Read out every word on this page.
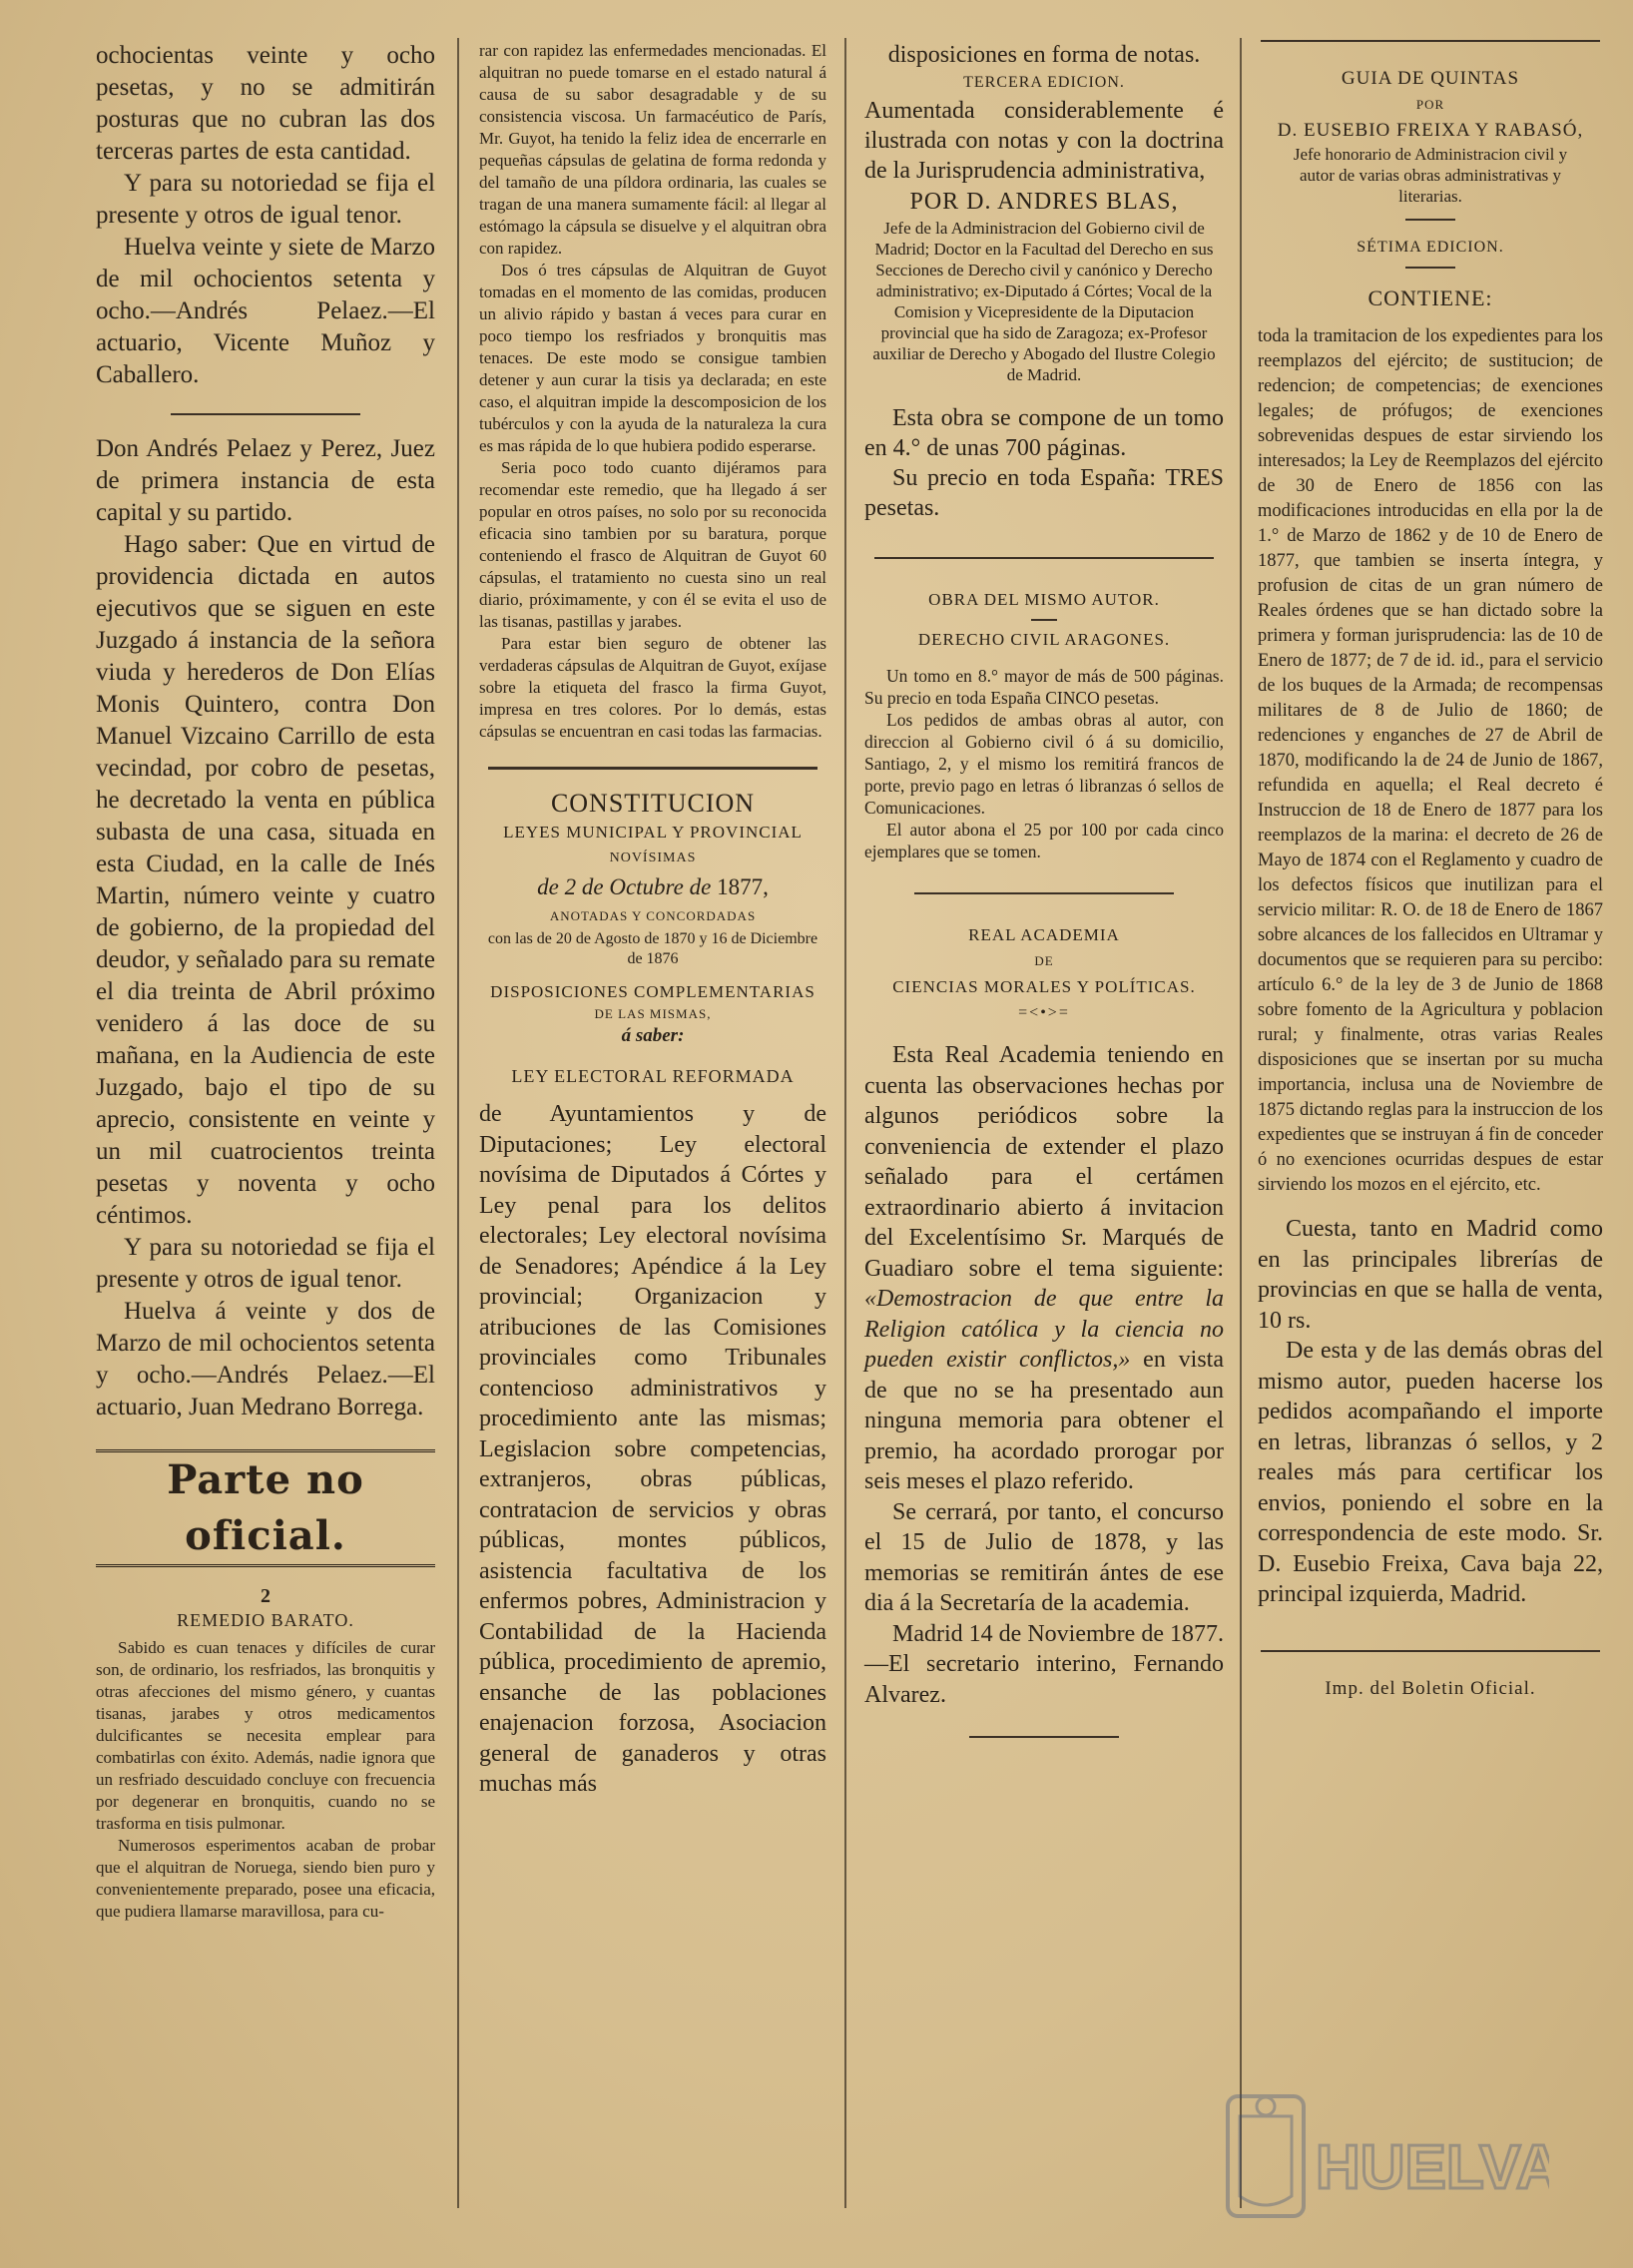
ochocientas veinte y ocho pesetas, y no se admitirán posturas que no cubran las dos terceras partes de esta cantidad.

Y para su notoriedad se fija el presente y otros de igual tenor.

Huelva veinte y siete de Marzo de mil ochocientos setenta y ocho.—Andrés Pelaez.—El actuario, Vicente Muñoz y Caballero.

Don Andrés Pelaez y Perez, Juez de primera instancia de esta capital y su partido.

Hago saber: Que en virtud de providencia dictada en autos ejecutivos que se siguen en este Juzgado á instancia de la señora viuda y herederos de Don Elías Monis Quintero, contra Don Manuel Vizcaino Carrillo de esta vecindad, por cobro de pesetas, he decretado la venta en pública subasta de una casa, situada en esta Ciudad, en la calle de Inés Martin, número veinte y cuatro de gobierno, de la propiedad del deudor, y señalado para su remate el dia treinta de Abril próximo venidero á las doce de su mañana, en la Audiencia de este Juzgado, bajo el tipo de su aprecio, consistente en veinte y un mil cuatrocientos treinta pesetas y noventa y ocho céntimos.

Y para su notoriedad se fija el presente y otros de igual tenor.

Huelva á veinte y dos de Marzo de mil ochocientos setenta y ocho.—Andrés Pelaez.—El actuario, Juan Medrano Borrega.

Parte no oficial.

2

REMEDIO BARATO.

Sabido es cuan tenaces y difíciles de curar son, de ordinario, los resfriados, las bronquitis y otras afecciones del mismo género, y cuantas tisanas, jarabes y otros medicamentos dulcificantes se necesita emplear para combatirlas con éxito. Además, nadie ignora que un resfriado descuidado concluye con frecuencia por degenerar en bronquitis, cuando no se trasforma en tisis pulmonar.

Numerosos esperimentos acaban de probar que el alquitran de Noruega, siendo bien puro y convenientemente preparado, posee una eficacia, que pudiera llamarse maravillosa, para cu-

rar con rapidez las enfermedades mencionadas. El alquitran no puede tomarse en el estado natural á causa de su sabor desagradable y de su consistencia viscosa. Un farmacéutico de París, Mr. Guyot, ha tenido la feliz idea de encerrarle en pequeñas cápsulas de gelatina de forma redonda y del tamaño de una píldora ordinaria, las cuales se tragan de una manera sumamente fácil: al llegar al estómago la cápsula se disuelve y el alquitran obra con rapidez.

Dos ó tres cápsulas de Alquitran de Guyot tomadas en el momento de las comidas, producen un alivio rápido y bastan á veces para curar en poco tiempo los resfriados y bronquitis mas tenaces. De este modo se consigue tambien detener y aun curar la tisis ya declarada; en este caso, el alquitran impide la descomposicion de los tubérculos y con la ayuda de la naturaleza la cura es mas rápida de lo que hubiera podido esperarse.

Seria poco todo cuanto dijéramos para recomendar este remedio, que ha llegado á ser popular en otros países, no solo por su reconocida eficacia sino tambien por su baratura, porque conteniendo el frasco de Alquitran de Guyot 60 cápsulas, el tratamiento no cuesta sino un real diario, próximamente, y con él se evita el uso de las tisanas, pastillas y jarabes.

Para estar bien seguro de obtener las verdaderas cápsulas de Alquitran de Guyot, exíjase sobre la etiqueta del frasco la firma Guyot, impresa en tres colores. Por lo demás, estas cápsulas se encuentran en casi todas las farmacias.

CONSTITUCION

LEYES MUNICIPAL Y PROVINCIAL

NOVÍSIMAS

de 2 de Octubre de 1877,

ANOTADAS Y CONCORDADAS

con las de 20 de Agosto de 1870 y 16 de Diciembre de 1876

DISPOSICIONES COMPLEMENTARIAS

DE LAS MISMAS,

á saber:

LEY ELECTORAL REFORMADA

de Ayuntamientos y de Diputaciones; Ley electoral novísima de Diputados á Córtes y Ley penal para los delitos electorales; Ley electoral novísima de Senadores; Apéndice á la Ley provincial; Organizacion y atribuciones de las Comisiones provinciales como Tribunales contencioso administrativos y procedimiento ante las mismas; Legislacion sobre competencias, extranjeros, obras públicas, contratacion de servicios y obras públicas, montes públicos, asistencia facultativa de los enfermos pobres, Administracion y Contabilidad de la Hacienda pública, procedimiento de apremio, ensanche de las poblaciones enajenacion forzosa, Asociacion general de ganaderos y otras muchas más

disposiciones en forma de notas.

TERCERA EDICION.

Aumentada considerablemente é ilustrada con notas y con la doctrina de la Jurisprudencia administrativa,

POR D. ANDRES BLAS,

Jefe de la Administracion del Gobierno civil de Madrid; Doctor en la Facultad del Derecho en sus Secciones de Derecho civil y canónico y Derecho administrativo; ex-Diputado á Córtes; Vocal de la Comision y Vicepresidente de la Diputacion provincial que ha sido de Zaragoza; ex-Profesor auxiliar de Derecho y Abogado del Ilustre Colegio de Madrid.

Esta obra se compone de un tomo en 4.° de unas 700 páginas.

Su precio en toda España: TRES pesetas.

OBRA DEL MISMO AUTOR.

DERECHO CIVIL ARAGONES.

Un tomo en 8.° mayor de más de 500 páginas. Su precio en toda España CINCO pesetas.

Los pedidos de ambas obras al autor, con direccion al Gobierno civil ó á su domicilio, Santiago, 2, y el mismo los remitirá francos de porte, previo pago en letras ó libranzas ó sellos de Comunicaciones.

El autor abona el 25 por 100 por cada cinco ejemplares que se tomen.

REAL ACADEMIA

DE

CIENCIAS MORALES Y POLÍTICAS.

=<•>=

Esta Real Academia teniendo en cuenta las observaciones hechas por algunos periódicos sobre la conveniencia de extender el plazo señalado para el certámen extraordinario abierto á invitacion del Excelentísimo Sr. Marqués de Guadiaro sobre el tema siguiente: «Demostracion de que entre la Religion católica y la ciencia no pueden existir conflictos,» en vista de que no se ha presentado aun ninguna memoria para obtener el premio, ha acordado prorogar por seis meses el plazo referido.

Se cerrará, por tanto, el concurso el 15 de Julio de 1878, y las memorias se remitirán ántes de ese dia á la Secretaría de la academia.

Madrid 14 de Noviembre de 1877.—El secretario interino, Fernando Alvarez.

GUIA DE QUINTAS

POR

D. EUSEBIO FREIXA Y RABASÓ,

Jefe honorario de Administracion civil y autor de varias obras administrativas y literarias.

SÉTIMA EDICION.

CONTIENE:

toda la tramitacion de los expedientes para los reemplazos del ejército; de sustitucion; de redencion; de competencias; de exenciones legales; de prófugos; de exenciones sobrevenidas despues de estar sirviendo los interesados; la Ley de Reemplazos del ejército de 30 de Enero de 1856 con las modificaciones introducidas en ella por la de 1.° de Marzo de 1862 y de 10 de Enero de 1877, que tambien se inserta íntegra, y profusion de citas de un gran número de Reales órdenes que se han dictado sobre la primera y forman jurisprudencia: las de 10 de Enero de 1877; de 7 de id. id., para el servicio de los buques de la Armada; de recompensas militares de 8 de Julio de 1860; de redenciones y enganches de 27 de Abril de 1870, modificando la de 24 de Junio de 1867, refundida en aquella; el Real decreto é Instruccion de 18 de Enero de 1877 para los reemplazos de la marina: el decreto de 26 de Mayo de 1874 con el Reglamento y cuadro de los defectos físicos que inutilizan para el servicio militar: R. O. de 18 de Enero de 1867 sobre alcances de los fallecidos en Ultramar y documentos que se requieren para su percibo: artículo 6.° de la ley de 3 de Junio de 1868 sobre fomento de la Agricultura y poblacion rural; y finalmente, otras varias Reales disposiciones que se insertan por su mucha importancia, inclusa una de Noviembre de 1875 dictando reglas para la instruccion de los expedientes que se instruyan á fin de conceder ó no exenciones ocurridas despues de estar sirviendo los mozos en el ejército, etc.

Cuesta, tanto en Madrid como en las principales librerías de provincias en que se halla de venta, 10 rs.

De esta y de las demás obras del mismo autor, pueden hacerse los pedidos acompañando el importe en letras, libranzas ó sellos, y 2 reales más para certificar los envios, poniendo el sobre en la correspondencia de este modo. Sr. D. Eusebio Freixa, Cava baja 22, principal izquierda, Madrid.

Imp. del Boletin Oficial.

HUELVA
